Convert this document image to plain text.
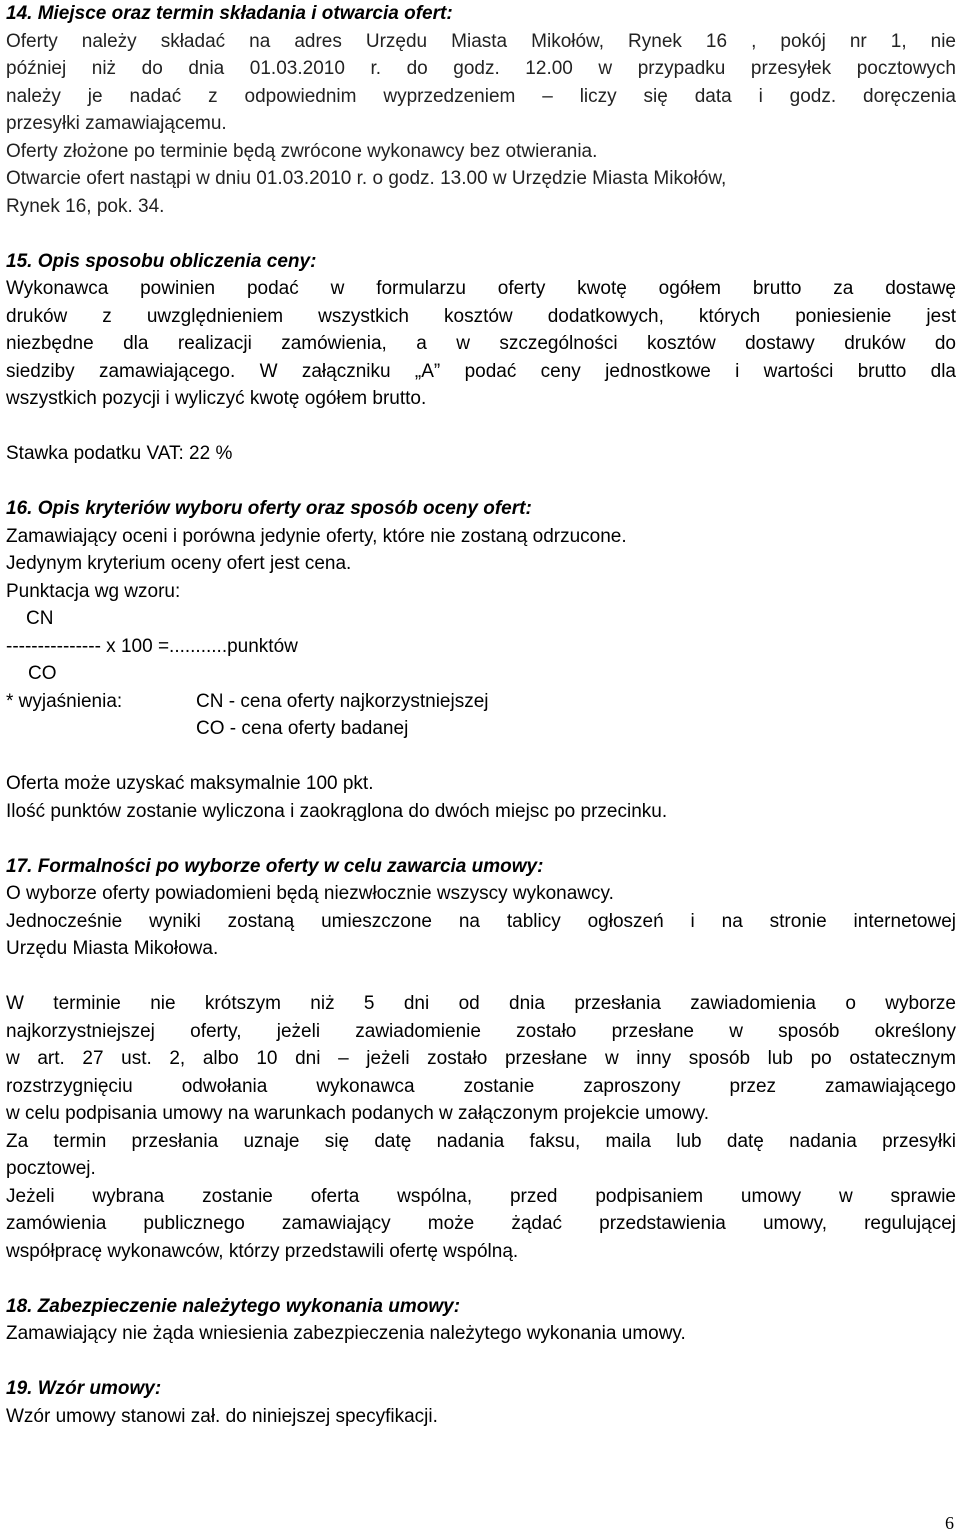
14. Miejsce oraz termin składania i otwarcia ofert:
Oferty należy składać na adres Urzędu Miasta Mikołów, Rynek 16 , pokój nr 1, nie
później niż do dnia 01.03.2010 r. do godz. 12.00 w przypadku przesyłek pocztowych
należy je nadać z odpowiednim wyprzedzeniem – liczy się data i godz. doręczenia
przesyłki zamawiającemu.
Oferty złożone po terminie będą zwrócone wykonawcy bez otwierania.
Otwarcie ofert nastąpi w dniu 01.03.2010 r. o godz. 13.00 w Urzędzie Miasta Mikołów,
Rynek 16, pok. 34.
15. Opis sposobu obliczenia ceny:
Wykonawca powinien podać w formularzu oferty kwotę ogółem brutto za dostawę
druków z uwzględnieniem wszystkich kosztów dodatkowych, których poniesienie jest
niezbędne dla realizacji zamówienia, a w szczególności kosztów dostawy druków do
siedziby zamawiającego. W załączniku „A” podać ceny jednostkowe i wartości brutto dla
wszystkich pozycji i wyliczyć kwotę ogółem brutto.
Stawka podatku VAT: 22 %
16. Opis kryteriów wyboru oferty oraz sposób oceny ofert:
Zamawiający oceni i porówna jedynie oferty, które nie zostaną odrzucone.
Jedynym kryterium oceny ofert jest cena.
Punktacja wg wzoru:
CN
--------------- x 100 =...........punktów
CO
* wyjaśnienia:	CN - cena oferty najkorzystniejszej
CO - cena oferty badanej
Oferta może uzyskać maksymalnie 100 pkt.
Ilość punktów zostanie wyliczona i zaokrąglona do dwóch miejsc po przecinku.
17. Formalności po wyborze oferty w celu zawarcia umowy:
O wyborze oferty powiadomieni będą niezwłocznie wszyscy wykonawcy.
Jednocześnie wyniki zostaną umieszczone na tablicy ogłoszeń i na stronie internetowej
Urzędu Miasta Mikołowa.
W terminie nie krótszym niż 5 dni od dnia przesłania zawiadomienia o wyborze
najkorzystniejszej oferty, jeżeli zawiadomienie zostało przesłane w sposób określony
w art. 27 ust. 2, albo 10 dni – jeżeli zostało przesłane w inny sposób lub po ostatecznym
rozstrzygnięciu odwołania wykonawca zostanie zaproszony przez zamawiającego
w celu podpisania umowy na warunkach podanych w załączonym projekcie umowy.
Za termin przesłania uznaje się datę nadania faksu, maila lub datę nadania przesyłki
pocztowej.
Jeżeli wybrana zostanie oferta wspólna, przed podpisaniem umowy w sprawie
zamówienia publicznego zamawiający może żądać przedstawienia umowy, regulującej
współpracę wykonawców, którzy przedstawili ofertę wspólną.
18. Zabezpieczenie należytego wykonania umowy:
Zamawiający nie żąda wniesienia zabezpieczenia należytego wykonania umowy.
19. Wzór umowy:
Wzór umowy stanowi zał. do niniejszej specyfikacji.
6
